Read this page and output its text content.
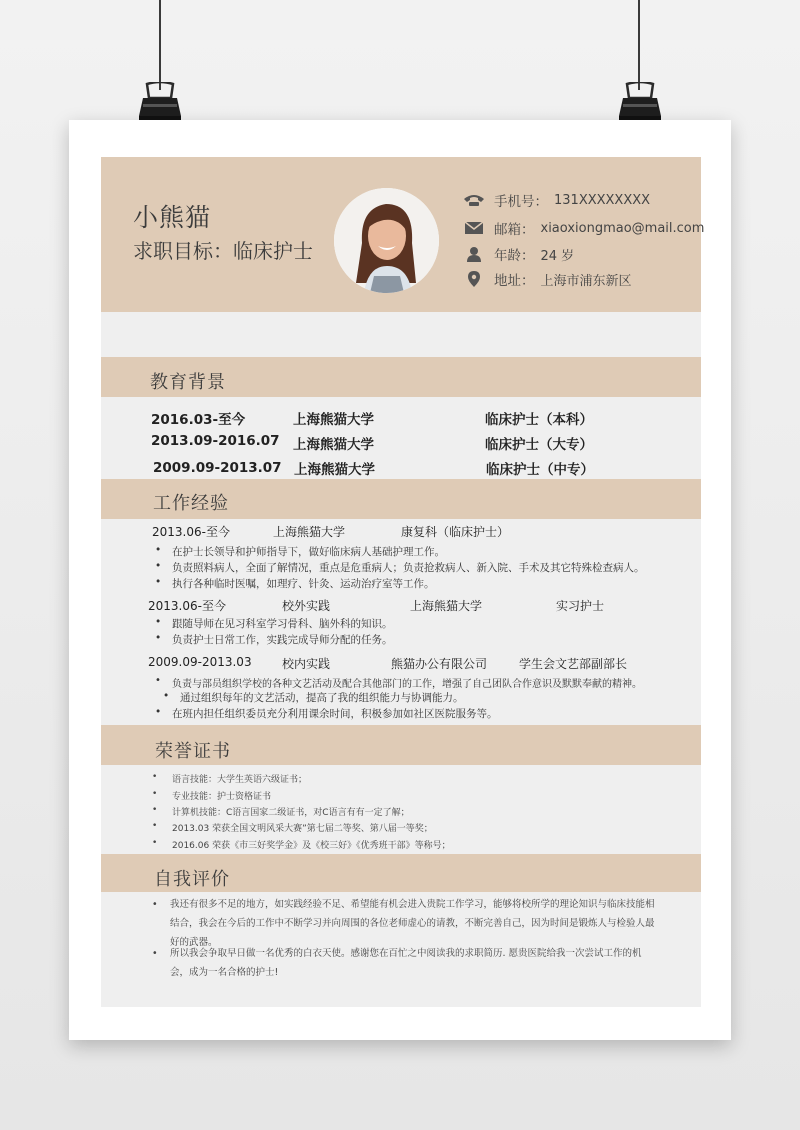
小熊猫
求职目标：临床护士
手机号： 131XXXXXXXX
邮箱： xiaoxiongmao@mail.com
年龄： 24 岁
地址： 上海市浦东新区
教育背景
2016.03-至今	上海熊猫大学	临床护士（本科）
2013.09-2016.07 上海熊猫大学	临床护士（大专）
2009.09-2013.07 上海熊猫大学	临床护士（中专）
工作经验
2013.06-至今	上海熊猫大学	康复科（临床护士）
• 在护士长领导和护师指导下，做好临床病人基础护理工作。
• 负责照料病人，全面了解情况，重点是危重病人；负责抢救病人、新入院、手术及其它特殊检查病人。
• 执行各种临时医嘱，如理疗、针灸、运动治疗室等工作。
2013.06-至今	校外实践	上海熊猫大学	实习护士
• 跟随导师在见习科室学习骨科、脑外科的知识。
• 负责护士日常工作，实践完成导师分配的任务。
2009.09-2013.03	校内实践	熊猫办公有限公司	学生会文艺部副部长
• 负责与部员组织学校的各种文艺活动及配合其他部门的工作，增强了自己团队合作意识及默默奉献的精神。
• 通过组织每年的文艺活动，提高了我的组织能力与协调能力。
• 在班内担任组织委员充分利用课余时间，积极参加如社区医院服务等。
荣誉证书
• 语言技能：大学生英语六级证书；
• 专业技能：护士资格证书
• 计算机技能：C语言国家二级证书，对C语言有有一定了解；
• 2013.03 荣获全国文明风采大赛”第七届二等奖、第八届一等奖；
• 2016.06 荣获《市三好奖学金》及《校三好》《优秀班干部》等称号；
自我评价
• 我还有很多不足的地方，如实践经验不足、希望能有机会进入贵院工作学习，能够将校所学的理论知识与临床技能相结合，我会在今后的工作中不断学习并向周围的各位老师虚心的请教，不断完善自己，因为时间是锻炼人与检验人最好的武器。
• 所以我会争取早日做一名优秀的白衣天使。感谢您在百忙之中阅读我的求职简历. 愿贵医院给我一次尝试工作的机会，成为一名合格的护士!
